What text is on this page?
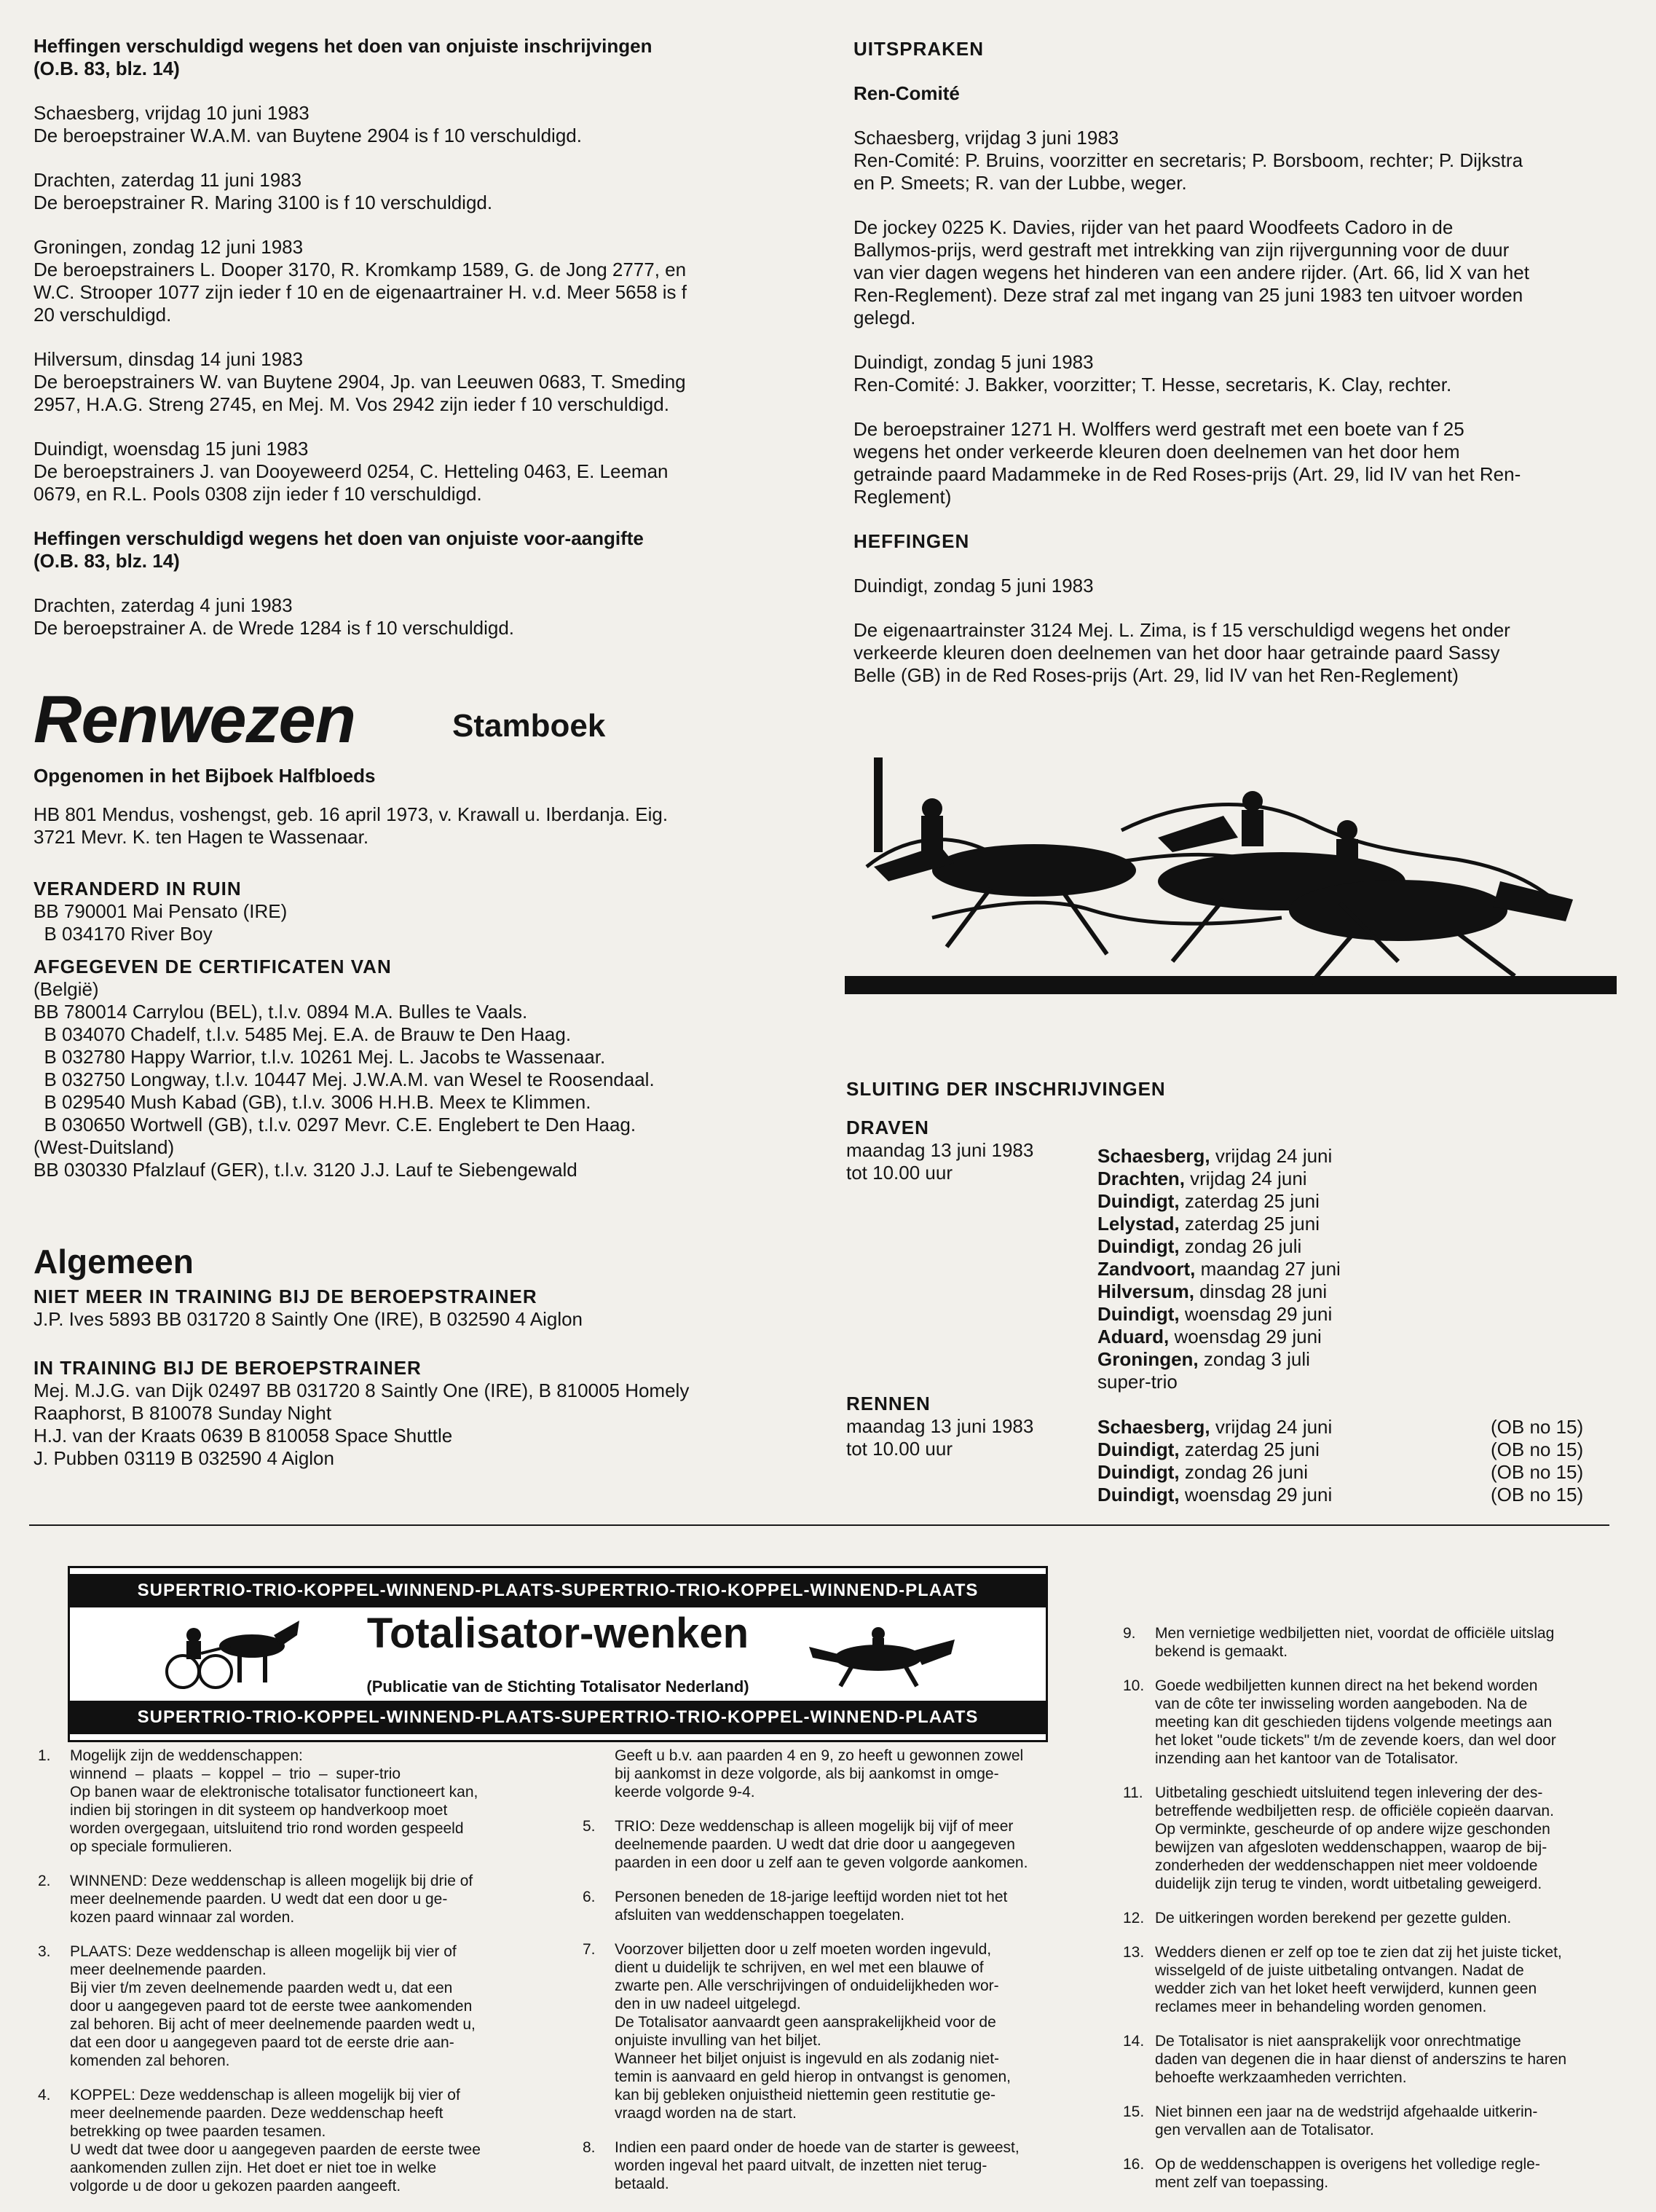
Heffingen verschuldigd wegens het doen van onjuiste inschrijvingen
(O.B. 83, blz. 14)
Schaesberg, vrijdag 10 juni 1983
De beroepstrainer W.A.M. van Buytene 2904 is f 10 verschuldigd.
Drachten, zaterdag 11 juni 1983
De beroepstrainer R. Maring 3100 is f 10 verschuldigd.
Groningen, zondag 12 juni 1983
De beroepstrainers L. Dooper 3170, R. Kromkamp 1589, G. de Jong 2777, en
W.C. Strooper 1077 zijn ieder f 10 en de eigenaartrainer H. v.d. Meer 5658 is f
20 verschuldigd.
Hilversum, dinsdag 14 juni 1983
De beroepstrainers W. van Buytene 2904, Jp. van Leeuwen 0683, T. Smeding
2957, H.A.G. Streng 2745, en Mej. M. Vos 2942 zijn ieder f 10 verschuldigd.
Duindigt, woensdag 15 juni 1983
De beroepstrainers J. van Dooyeweerd 0254, C. Hetteling 0463, E. Leeman
0679, en R.L. Pools 0308 zijn ieder f 10 verschuldigd.
Heffingen verschuldigd wegens het doen van onjuiste voor-aangifte
(O.B. 83, blz. 14)
Drachten, zaterdag 4 juni 1983
De beroepstrainer A. de Wrede 1284 is f 10 verschuldigd.
Renwezen	Stamboek
Opgenomen in het Bijboek Halfbloeds
HB 801 Mendus, voshengst, geb. 16 april 1973, v. Krawall u. Iberdanja. Eig.
3721 Mevr. K. ten Hagen te Wassenaar.
VERANDERD IN RUIN
BB 790001 Mai Pensato (IRE)
B 034170 River Boy
AFGEGEVEN DE CERTIFICATEN VAN
(België)
BB 780014 Carrylou (BEL), t.l.v. 0894 M.A. Bulles te Vaals.
B 034070 Chadelf, t.l.v. 5485 Mej. E.A. de Brauw te Den Haag.
B 032780 Happy Warrior, t.l.v. 10261 Mej. L. Jacobs te Wassenaar.
B 032750 Longway, t.l.v. 10447 Mej. J.W.A.M. van Wesel te Roosendaal.
B 029540 Mush Kabad (GB), t.l.v. 3006 H.H.B. Meex te Klimmen.
B 030650 Wortwell (GB), t.l.v. 0297 Mevr. C.E. Englebert te Den Haag.
(West-Duitsland)
BB 030330 Pfalzlauf (GER), t.l.v. 3120 J.J. Lauf te Siebengewald
Algemeen
NIET MEER IN TRAINING BIJ DE BEROEPSTRAINER
J.P. Ives 5893 BB 031720 8 Saintly One (IRE), B 032590 4 Aiglon
IN TRAINING BIJ DE BEROEPSTRAINER
Mej. M.J.G. van Dijk 02497 BB 031720 8 Saintly One (IRE), B 810005 Homely
Raaphorst, B 810078 Sunday Night
H.J. van der Kraats 0639 B 810058 Space Shuttle
J. Pubben 03119 B 032590 4 Aiglon
UITSPRAKEN
Ren-Comité
Schaesberg, vrijdag 3 juni 1983
Ren-Comité: P. Bruins, voorzitter en secretaris; P. Borsboom, rechter; P. Dijkstra
en P. Smeets; R. van der Lubbe, weger.
De jockey 0225 K. Davies, rijder van het paard Woodfeets Cadoro in de
Ballymos-prijs, werd gestraft met intrekking van zijn rijvergunning voor de duur
van vier dagen wegens het hinderen van een andere rijder. (Art. 66, lid X van het
Ren-Reglement). Deze straf zal met ingang van 25 juni 1983 ten uitvoer worden
gelegd.
Duindigt, zondag 5 juni 1983
Ren-Comité: J. Bakker, voorzitter; T. Hesse, secretaris, K. Clay, rechter.
De beroepstrainer 1271 H. Wolffers werd gestraft met een boete van f 25
wegens het onder verkeerde kleuren doen deelnemen van het door hem
getrainde paard Madammeke in de Red Roses-prijs (Art. 29, lid IV van het Ren-
Reglement)
HEFFINGEN
Duindigt, zondag 5 juni 1983
De eigenaartrainster 3124 Mej. L. Zima, is f 15 verschuldigd wegens het onder
verkeerde kleuren doen deelnemen van het door haar getrainde paard Sassy
Belle (GB) in de Red Roses-prijs (Art. 29, lid IV van het Ren-Reglement)
SLUITING DER INSCHRIJVINGEN
DRAVEN
maandag 13 juni 1983
tot 10.00 uur
Schaesberg, vrijdag 24 juni
Drachten, vrijdag 24 juni
Duindigt, zaterdag 25 juni
Lelystad, zaterdag 25 juni
Duindigt, zondag 26 juli
Zandvoort, maandag 27 juni
Hilversum, dinsdag 28 juni
Duindigt, woensdag 29 juni
Aduard, woensdag 29 juni
Groningen, zondag 3 juli
super-trio
RENNEN
maandag 13 juni 1983
tot 10.00 uur
Schaesberg, vrijdag 24 juni	(OB no 15)
Duindigt, zaterdag 25 juni	(OB no 15)
Duindigt, zondag 26 juni	(OB no 15)
Duindigt, woensdag 29 juni	(OB no 15)
SUPERTRIO-TRIO-KOPPEL-WINNEND-PLAATS-SUPERTRIO-TRIO-KOPPEL-WINNEND-PLAATS
Totalisator-wenken
(Publicatie van de Stichting Totalisator Nederland)
SUPERTRIO-TRIO-KOPPEL-WINNEND-PLAATS-SUPERTRIO-TRIO-KOPPEL-WINNEND-PLAATS
1. Mogelijk zijn de weddenschappen:
winnend  –  plaats  –  koppel  –  trio  –  super-trio
Op banen waar de elektronische totalisator functioneert kan,
indien bij storingen in dit systeem op handverkoop moet
worden overgegaan, uitsluitend trio rond worden gespeeld
op speciale formulieren.
2. WINNEND: Deze weddenschap is alleen mogelijk bij drie of
meer deelnemende paarden. U wedt dat een door u ge-
kozen paard winnaar zal worden.
3. PLAATS: Deze weddenschap is alleen mogelijk bij vier of
meer deelnemende paarden.
Bij vier t/m zeven deelnemende paarden wedt u, dat een
door u aangegeven paard tot de eerste twee aankomenden
zal behoren. Bij acht of meer deelnemende paarden wedt u,
dat een door u aangegeven paard tot de eerste drie aan-
komenden zal behoren.
4. KOPPEL: Deze weddenschap is alleen mogelijk bij vier of
meer deelnemende paarden. Deze weddenschap heeft
betrekking op twee paarden tesamen.
U wedt dat twee door u aangegeven paarden de eerste twee
aankomenden zullen zijn. Het doet er niet toe in welke
volgorde u de door u gekozen paarden aangeeft.
Geeft u b.v. aan paarden 4 en 9, zo heeft u gewonnen zowel
bij aankomst in deze volgorde, als bij aankomst in omge-
keerde volgorde 9-4.
5. TRIO: Deze weddenschap is alleen mogelijk bij vijf of meer
deelnemende paarden. U wedt dat drie door u aangegeven
paarden in een door u zelf aan te geven volgorde aankomen.
6. Personen beneden de 18-jarige leeftijd worden niet tot het
afsluiten van weddenschappen toegelaten.
7. Voorzover biljetten door u zelf moeten worden ingevuld,
dient u duidelijk te schrijven, en wel met een blauwe of
zwarte pen. Alle verschrijvingen of onduidelijkheden wor-
den in uw nadeel uitgelegd.
De Totalisator aanvaardt geen aansprakelijkheid voor de
onjuiste invulling van het biljet.
Wanneer het biljet onjuist is ingevuld en als zodanig niet-
temin is aanvaard en geld hierop in ontvangst is genomen,
kan bij gebleken onjuistheid niettemin geen restitutie ge-
vraagd worden na de start.
8. Indien een paard onder de hoede van de starter is geweest,
worden ingeval het paard uitvalt, de inzetten niet terug-
betaald.
9. Men vernietige wedbiljetten niet, voordat de officiële uitslag
bekend is gemaakt.
10. Goede wedbiljetten kunnen direct na het bekend worden
van de côte ter inwisseling worden aangeboden. Na de
meeting kan dit geschieden tijdens volgende meetings aan
het loket "oude tickets" t/m de zevende koers, dan wel door
inzending aan het kantoor van de Totalisator.
11. Uitbetaling geschiedt uitsluitend tegen inlevering der des-
betreffende wedbiljetten resp. de officiële copieën daarvan.
Op verminkte, gescheurde of op andere wijze geschonden
bewijzen van afgesloten weddenschappen, waarop de bij-
zonderheden der weddenschappen niet meer voldoende
duidelijk zijn terug te vinden, wordt uitbetaling geweigerd.
12. De uitkeringen worden berekend per gezette gulden.
13. Wedders dienen er zelf op toe te zien dat zij het juiste ticket,
wisselgeld of de juiste uitbetaling ontvangen. Nadat de
wedder zich van het loket heeft verwijderd, kunnen geen
reclames meer in behandeling worden genomen.
14. De Totalisator is niet aansprakelijk voor onrechtmatige
daden van degenen die in haar dienst of anderszins te haren
behoefte werkzaamheden verrichten.
15. Niet binnen een jaar na de wedstrijd afgehaalde uitkerin-
gen vervallen aan de Totalisator.
16. Op de weddenschappen is overigens het volledige regle-
ment zelf van toepassing.
